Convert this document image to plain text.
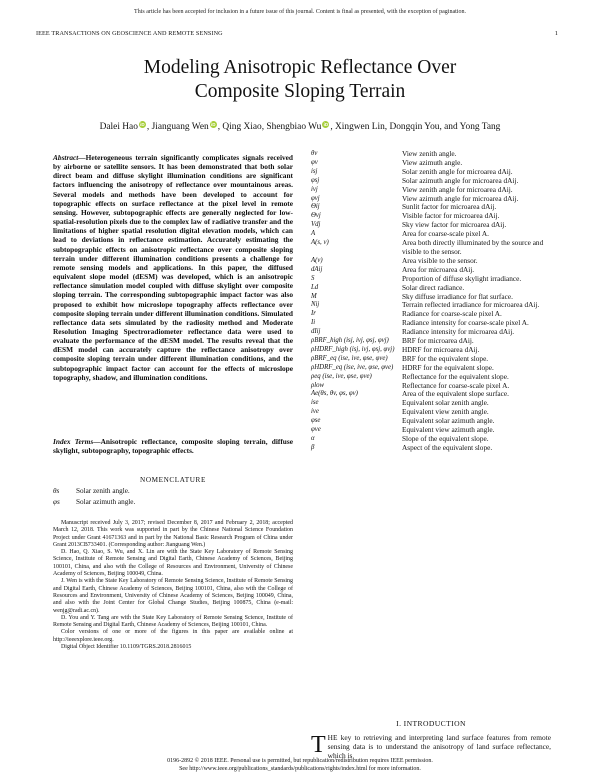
This article has been accepted for inclusion in a future issue of this journal. Content is final as presented, with the exception of pagination.
IEEE TRANSACTIONS ON GEOSCIENCE AND REMOTE SENSING	1
Modeling Anisotropic Reflectance Over
Composite Sloping Terrain
Dalei Hao iD , Jianguang Wen iD , Qing Xiao, Shengbiao Wu iD , Xingwen Lin, Dongqin You, and Yong Tang
Abstract—Heterogeneous terrain significantly complicates signals received by airborne or satellite sensors. It has been demonstrated that both solar direct beam and diffuse skylight illumination conditions are significant factors influencing the anisotropy of reflectance over mountainous areas. Several models and methods have been developed to account for topographic effects on surface reflectance at the pixel level in remote sensing. However, subtopographic effects are generally neglected for low-spatial-resolution pixels due to the complex law of radiative transfer and the limitations of higher spatial resolution digital elevation models, which can lead to deviations in reflectance estimation. Accurately estimating the subtopographic effects on anisotropic reflectance over composite sloping terrain under different illumination conditions presents a challenge for remote sensing models and applications. In this paper, the diffused equivalent slope model (dESM) was developed, which is an anisotropic reflectance simulation model coupled with diffuse skylight over composite sloping terrain. The corresponding subtopographic impact factor was also proposed to exhibit how microslope topography affects reflectance over composite sloping terrain under different illumination conditions. Simulated reflectance data sets simulated by the radiosity method and Moderate Resolution Imaging Spectroradiometer reflectance data were used to evaluate the performance of the dESM model. The results reveal that the dESM model can accurately capture the reflectance anisotropy over composite sloping terrain under different illumination conditions, and the subtopographic impact factor can account for the effects of microslope topography, shadow, and illumination conditions.
Index Terms—Anisotropic reflectance, composite sloping terrain, diffuse skylight, subtopography, topographic effects.
NOMENCLATURE
θs Solar zenith angle.
φs Solar azimuth angle.

Manuscript received July 3, 2017; revised December 8, 2017 and February 2, 2018; accepted March 12, 2018. This work was supported in part by the Chinese National Science Foundation Project under Grant 41671363 and in part by the National Basic Research Program of China under Grant 2013CB733401. (Corresponding author: Jianguang Wen.)

D. Hao, Q. Xiao, S. Wu, and X. Lin are with the State Key Laboratory of Remote Sensing Science, Institute of Remote Sensing and Digital Earth, Chinese Academy of Sciences, Beijing 100101, China, and also with the College of Resources and Environment, University of Chinese Academy of Sciences, Beijing 100049, China.

J. Wen is with the State Key Laboratory of Remote Sensing Science, Institute of Remote Sensing and Digital Earth, Chinese Academy of Sciences, Beijing 100101, China, also with the College of Resources and Environment, University of Chinese Academy of Sciences, Beijing 100049, China, and also with the Joint Center for Global Change Studies, Beijing 100875, China (e-mail: wenjg@radi.ac.cn).

D. You and Y. Tang are with the State Key Laboratory of Remote Sensing Science, Institute of Remote Sensing and Digital Earth, Chinese Academy of Sciences, Beijing 100101, China.

Color versions of one or more of the figures in this paper are available online at http://ieeexplore.ieee.org.

Digital Object Identifier 10.1109/TGRS.2018.2816015

θv	View zenith angle.
φv	View azimuth angle.
isj	Solar zenith angle for microarea dAij.
φsj	Solar azimuth angle for microarea dAij.
ivj	View zenith angle for microarea dAij.
φvj	View azimuth angle for microarea dAij.
Θij	Sunlit factor for microarea dAij.
Θvj	Visible factor for microarea dAij.
Vdj	Sky view factor for microarea dAij.
A	Area for coarse-scale pixel A.
A(s, v)	Area both directly illuminated by the source and visible to the sensor.
A(v)	Area visible to the sensor.
dAij	Area for microarea dAij.
S	Proportion of diffuse skylight irradiance.
Ld	Solar direct radiance.
M	Sky diffuse irradiance for flat surface.
Nij	Terrain reflected irradiance for microarea dAij.
Ir	Radiance for coarse-scale pixel A.
Ii	Radiance intensity for coarse-scale pixel A.
dIij	Radiance intensity for microarea dAij.
ρBRF_high (isj, ivj, φsj, φvj) BRF for microarea dAij.
ρHDRF_high (isj, ivj, φsj, φvj) HDRF for microarea dAij.
ρBRF_eq (ise, ive, φse, φve) BRF for the equivalent slope.
ρHDRF_eq (ise, ive, φse, φve) HDRF for the equivalent slope.
ρeq (ise, ive, φse, φve)	Reflectance for the equivalent slope.
ρlow	Reflectance for coarse-scale pixel A.
Ae(θs, θv, φs, φv)	Area of the equivalent slope surface.
ise	Equivalent solar zenith angle.
ive	Equivalent view zenith angle.
φse	Equivalent solar azimuth angle.
φve	Equivalent view azimuth angle.
α	Slope of the equivalent slope.
β	Aspect of the equivalent slope.
I. INTRODUCTION
THE key to retrieving and interpreting land surface features from remote sensing data is to understand the anisotropy of land surface reflectance, which is
0196-2892 © 2018 IEEE. Personal use is permitted, but republication/redistribution requires IEEE permission.
See http://www.ieee.org/publications_standards/publications/rights/index.html for more information.
